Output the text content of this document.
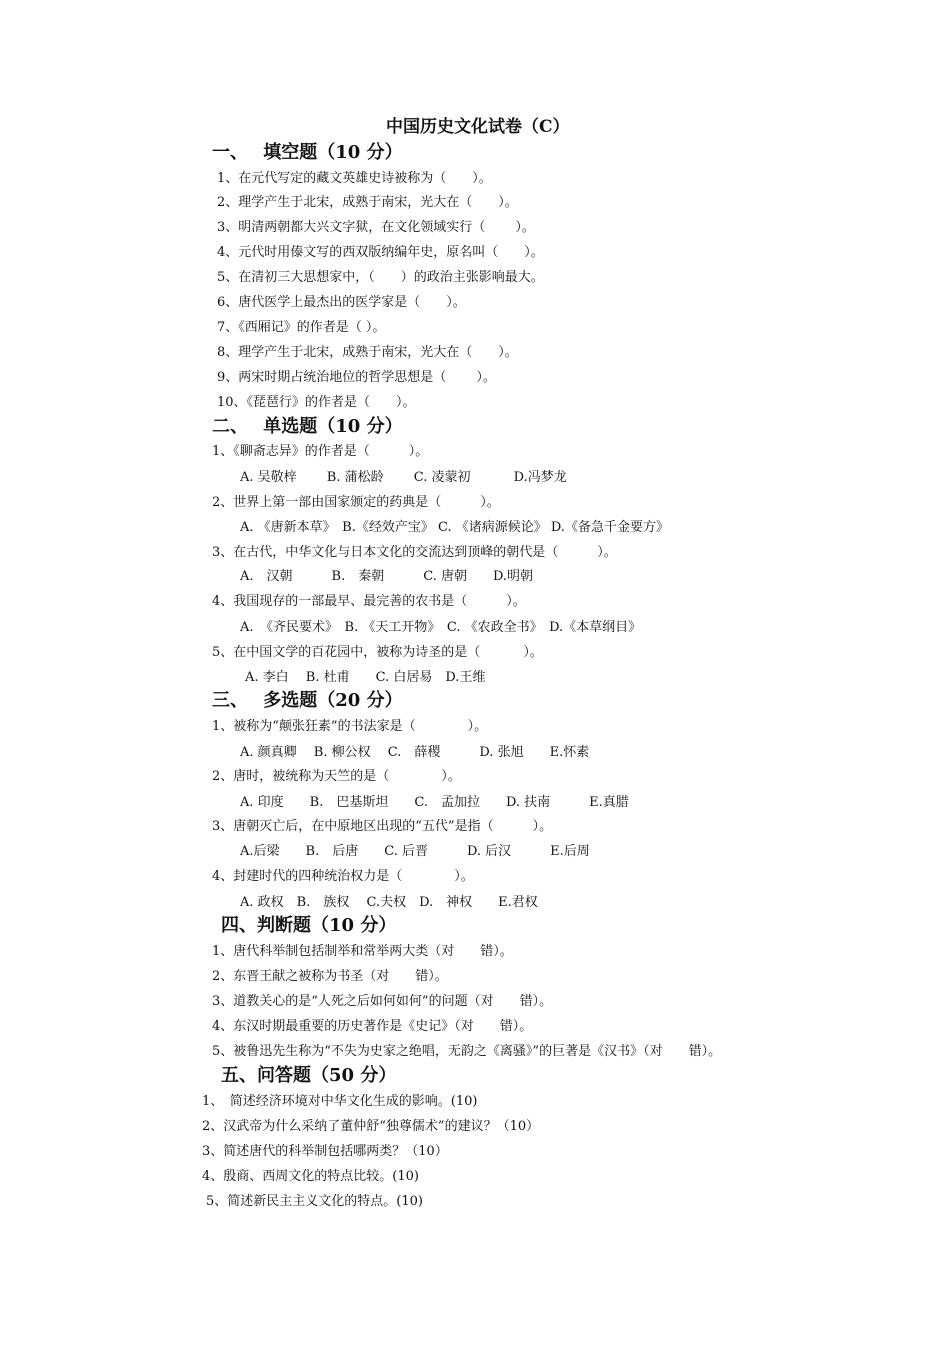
中国历史文化试卷（C）
一、　 填空题（10 分）
1、在元代写定的藏文英雄史诗被称为（　　）。
2、理学产生于北宋，成熟于南宋，光大在（　　）。
3、明清两朝都大兴文字狱，在文化领域实行（　　 ）。
4、元代时用傣文写的西双版纳编年史，原名叫（　　）。
5、在清初三大思想家中，（　　）的政治主张影响最大。
6、唐代医学上最杰出的医学家是（　　）。
7、《西厢记》的作者是（ ）。
8、理学产生于北宋，成熟于南宋，光大在（　　）。
9、两宋时期占统治地位的哲学思想是（　　 ）。
10、《琵琶行》的作者是（　　）。
二、　 单选题（10 分）
1、《聊斋志异》的作者是（　　　）。
A. 吴敬梓　　 B. 蒲松龄　　 C. 凌蒙初　　　 D.冯梦龙
2、世界上第一部由国家颁定的药典是（　　　）。
A. 《唐新本草》　B.《经效产宝》 C. 《诸病源候论》 D.《备急千金要方》
3、在古代，中华文化与日本文化的交流达到顶峰的朝代是（　　　）。
A.　汉朝　　　B.　秦朝　　　C. 唐朝　　D.明朝
4、我国现存的一部最早、最完善的农书是（　　　）。
A.　《齐民要术》　B. 《天工开物》　C. 《农政全书》　D.《本草纲目》
5、在中国文学的百花园中，被称为诗圣的是（　　　 ）。
A. 李白　 B. 杜甫　　C. 白居易　D.王维
三、　 多选题（20 分）
1、被称为“颠张狂素”的书法家是（　　　　）。
A. 颜真卿　 B. 柳公权　 C.　薛稷　　　D. 张旭　　E.怀素
2、唐时，被统称为天竺的是（　　　　）。
A. 印度　　B.　巴基斯坦　　C.　孟加拉　　D. 扶南　　　E.真腊
3、唐朝灭亡后，在中原地区出现的“五代”是指（　　　）。
A.后梁　　B.　后唐　　C. 后晋　　　D. 后汉　　　E.后周
4、封建时代的四种统治权力是（　　　　）。
A. 政权　B.　族权　 C.夫权　D.　神权　　E.君权
四、判断题（10 分）
1、唐代科举制包括制举和常举两大类（对　　错）。
2、东晋王献之被称为书圣（对　　错）。
3、道教关心的是“人死之后如何如何”的问题（对　　错）。
4、东汉时期最重要的历史著作是《史记》（对　　错）。
5、被鲁迅先生称为“不失为史家之绝唱，无韵之《离骚》”的巨著是《汉书》（对　　错）。
五、问答题（50 分）
1、　简述经济环境对中华文化生成的影响。(10)
2、汉武帝为什么采纳了董仲舒“独尊儒术”的建议？（10）
3、简述唐代的科举制包括哪两类？（10）
4、殷商、西周文化的特点比较。(10)
5、简述新民主主义文化的特点。(10)
